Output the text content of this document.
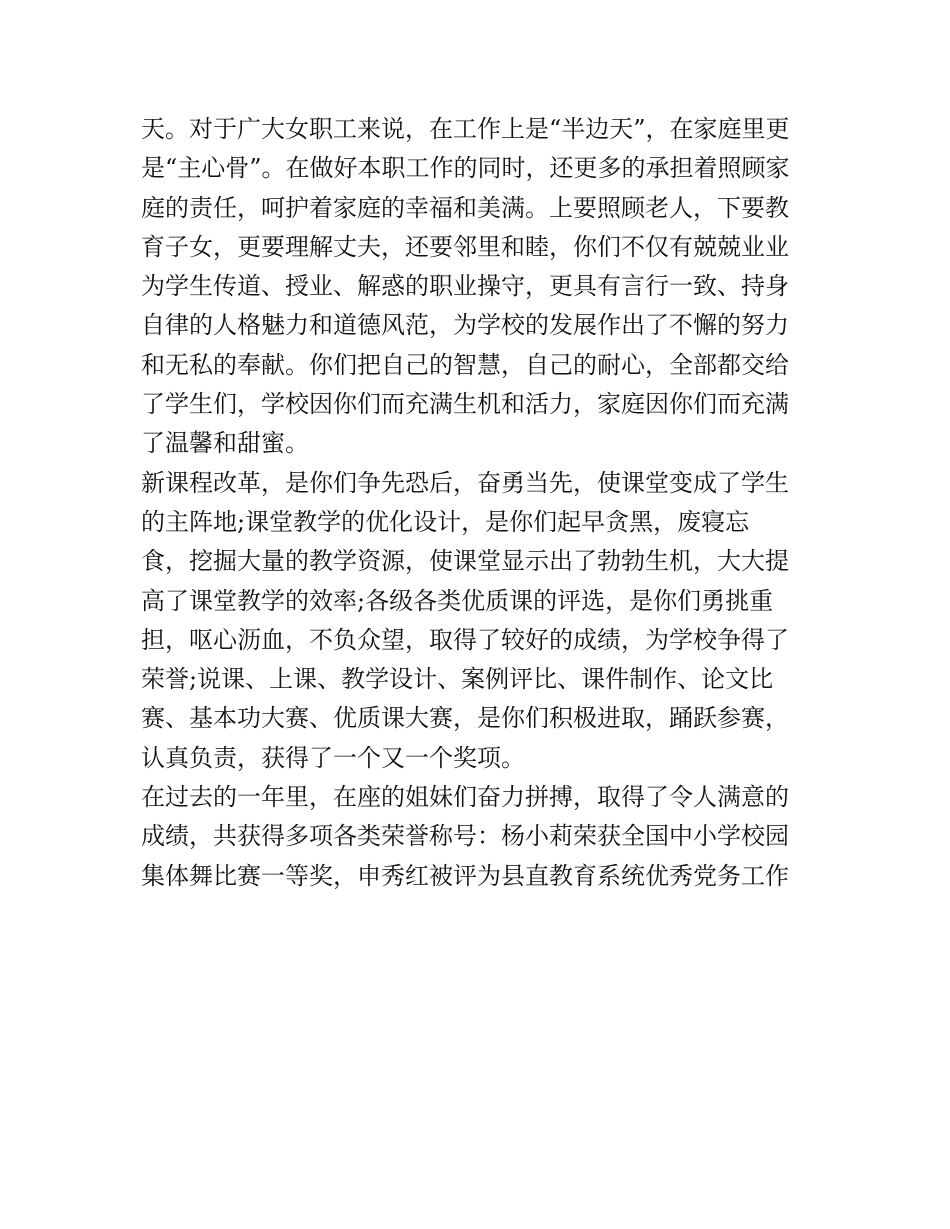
天。对于广大女职工来说，在工作上是“半边天”，在家庭里更
是“主心骨”。在做好本职工作的同时，还更多的承担着照顾家
庭的责任，呵护着家庭的幸福和美满。上要照顾老人，下要教
育子女，更要理解丈夫，还要邻里和睦，你们不仅有兢兢业业
为学生传道、授业、解惑的职业操守，更具有言行一致、持身
自律的人格魅力和道德风范，为学校的发展作出了不懈的努力
和无私的奉献。你们把自己的智慧，自己的耐心，全部都交给
了学生们，学校因你们而充满生机和活力，家庭因你们而充满
了温馨和甜蜜。
新课程改革，是你们争先恐后，奋勇当先，使课堂变成了学生
的主阵地;课堂教学的优化设计，是你们起早贪黑，废寝忘
食，挖掘大量的教学资源，使课堂显示出了勃勃生机，大大提
高了课堂教学的效率;各级各类优质课的评选，是你们勇挑重
担，呕心沥血，不负众望，取得了较好的成绩，为学校争得了
荣誉;说课、上课、教学设计、案例评比、课件制作、论文比
赛、基本功大赛、优质课大赛，是你们积极进取，踊跃参赛，
认真负责，获得了一个又一个奖项。
在过去的一年里，在座的姐妹们奋力拼搏，取得了令人满意的
成绩，共获得多项各类荣誉称号：杨小莉荣获全国中小学校园
集体舞比赛一等奖，申秀红被评为县直教育系统优秀党务工作
